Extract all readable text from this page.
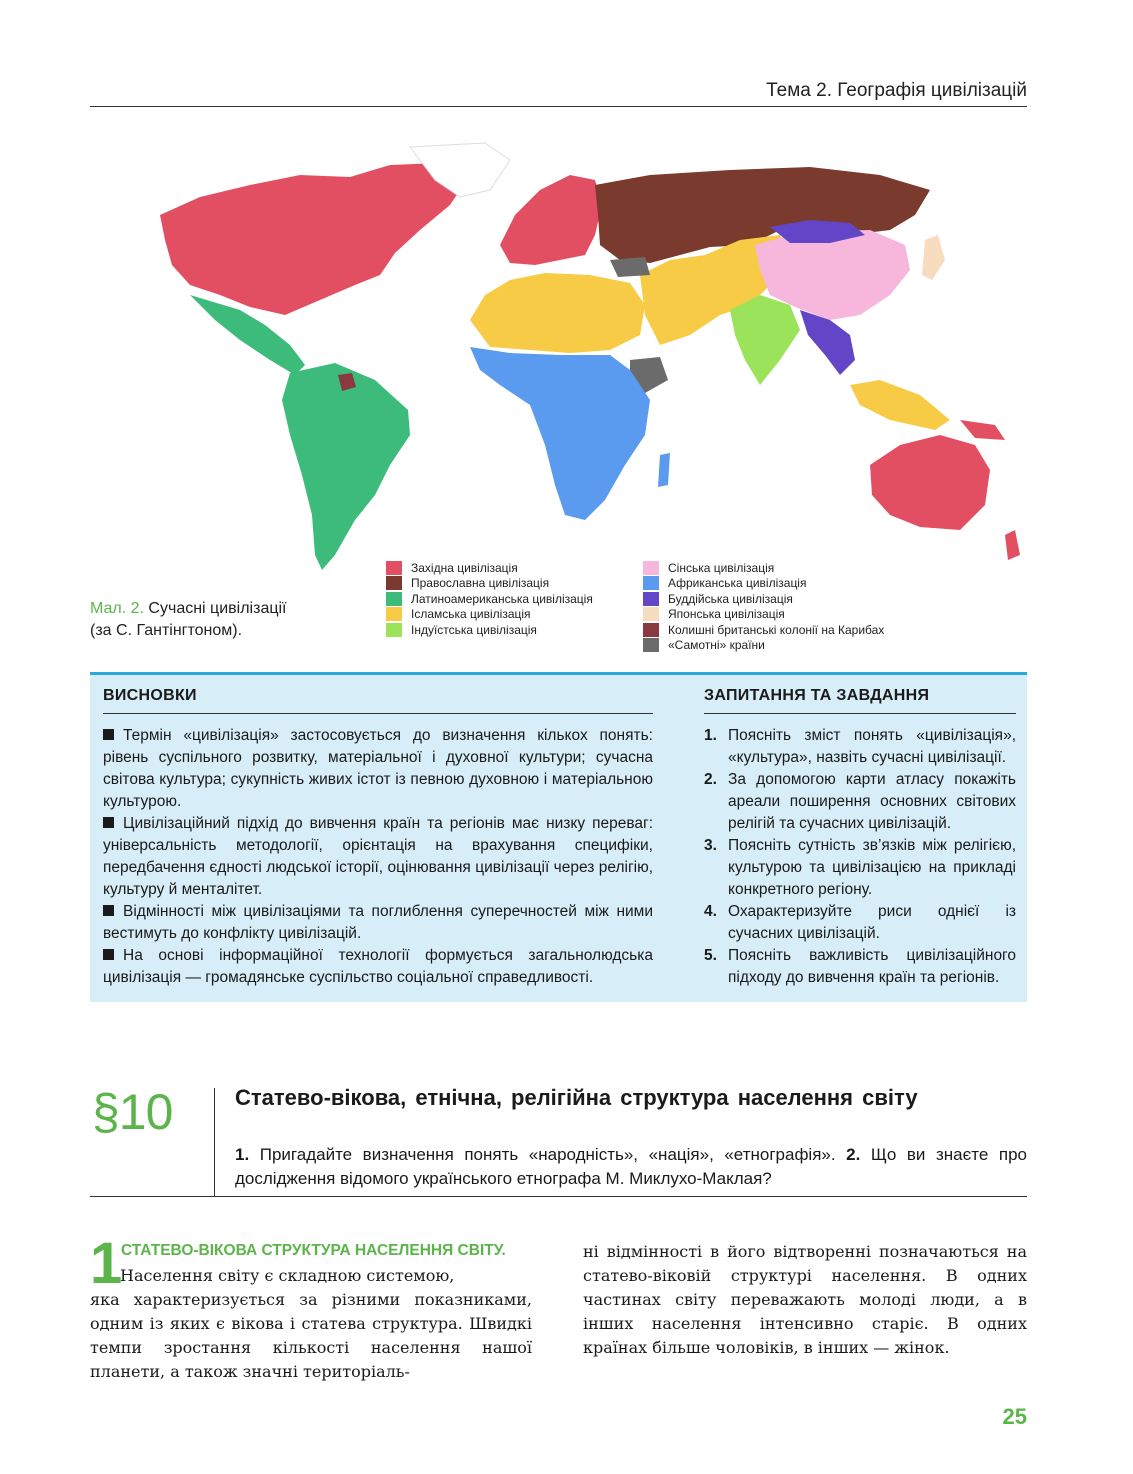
Тема 2. Географія цивілізацій
Мал. 2. Сучасні цивілізації
(за С. Гантінгтоном).
Західна цивілізація
Православна цивілізація
Латиноамериканська цивілізація
Ісламська цивілізація
Індуїстська цивілізація
Сінська цивілізація
Африканська цивілізація
Буддійська цивілізація
Японська цивілізація
Колишні британські колонії на Карибах
«Самотні» країни
ВИСНОВКИ

Термін «цивілізація» застосовується до визначення кількох понять: рівень суспільного розвитку, матеріальної і духовної культури; сучасна світова культура; сукупність живих істот із певною духовною і матеріальною культурою.

Цивілізаційний підхід до вивчення країн та регіонів має низку переваг: універсальність методології, орієнтація на врахування специфіки, передбачення єдності людської історії, оцінювання цивілізації через релігію, культуру й менталітет.

Відмінності між цивілізаціями та поглиблення суперечностей між ними вестимуть до конфлікту цивілізацій.

На основі інформаційної технології формується загальнолюдська цивілізація — громадянське суспільство соціальної справедливості.

ЗАПИТАННЯ ТА ЗАВДАННЯ
1. Поясніть зміст понять «цивілізація», «культура», назвіть сучасні цивілізації.
2. За допомогою карти атласу покажіть ареали поширення основних світових релігій та сучасних цивілізацій.
3. Поясніть сутність зв’язків між релігією, культурою та цивілізацією на прикладі конкретного регіону.
4. Охарактеризуйте риси однієї із сучасних цивілізацій.
5. Поясніть важливість цивілізаційного підходу до вивчення країн та регіонів.
§10	Статево-вікова, етнічна, релігійна структура населення світу
1. Пригадайте визначення понять «народність», «нація», «етнографія». 2. Що ви знаєте про дослідження відомого українського етнографа М. Миклухо-Маклая?
1
СТАТЕВО-ВІКОВА СТРУКТУРА НАСЕЛЕННЯ СВІТУ.
Населення світу є складною системою,
яка характеризується за різними показниками, одним із яких є вікова і статева структура. Швидкі темпи зростання кількості населення нашої планети, а також значні територіаль-
ні відмінності в його відтворенні позначаються на статево-віковій структурі населення. В одних частинах світу переважають молоді люди, а в інших населення інтенсивно старіє. В одних країнах більше чоловіків, в інших — жінок.
25
